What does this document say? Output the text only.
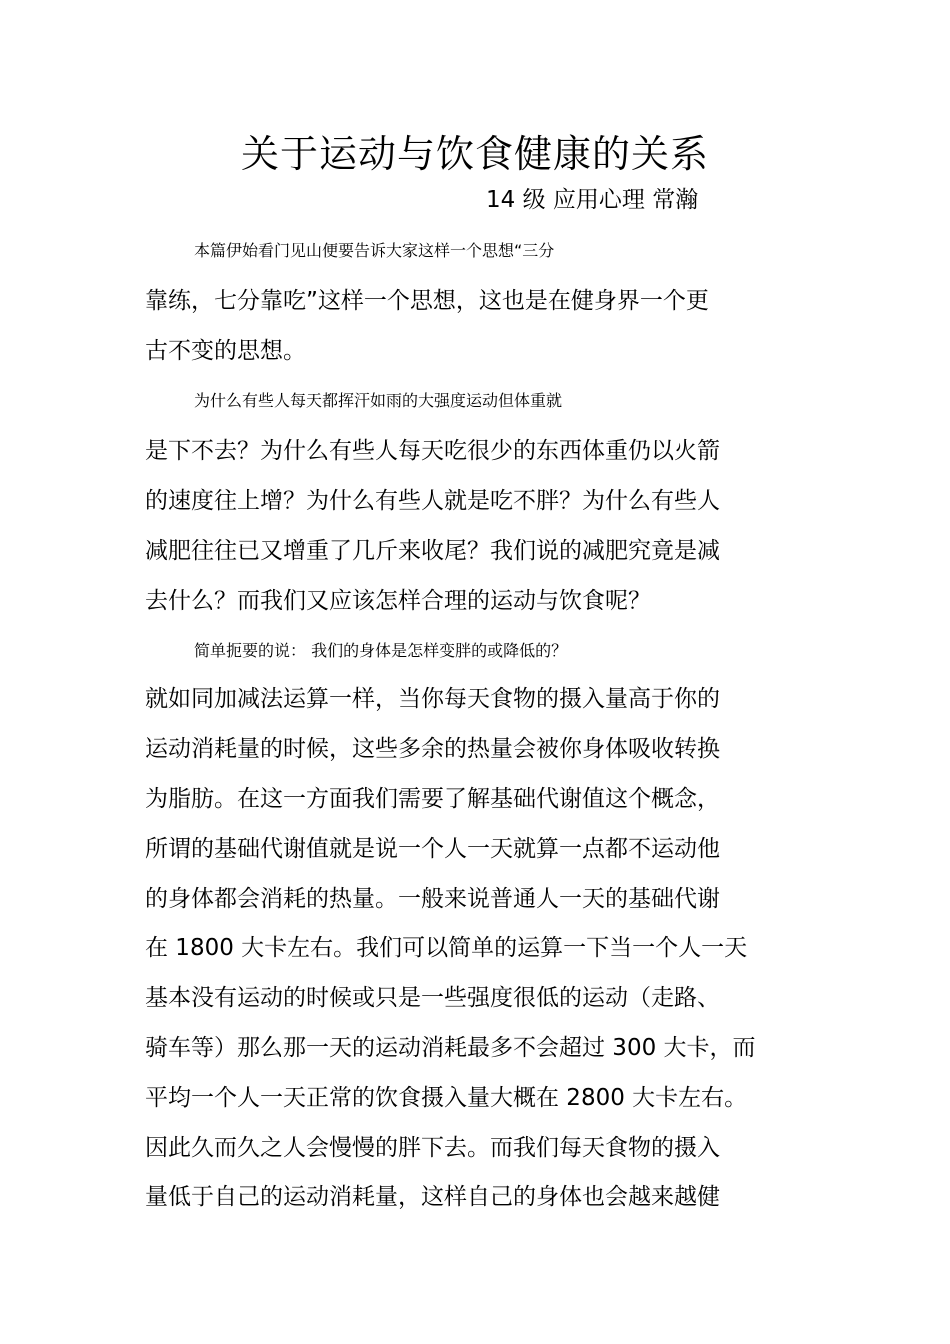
关于运动与饮食健康的关系
14 级 应用心理 常瀚
本篇伊始看门见山便要告诉大家这样一个思想“三分
靠练，七分靠吃”这样一个思想，这也是在健身界一个更
古不变的思想。
为什么有些人每天都挥汗如雨的大强度运动但体重就
是下不去？为什么有些人每天吃很少的东西体重仍以火箭
的速度往上增？为什么有些人就是吃不胖？为什么有些人
减肥往往已又增重了几斤来收尾？我们说的减肥究竟是减
去什么？而我们又应该怎样合理的运动与饮食呢？
简单扼要的说： 我们的身体是怎样变胖的或降低的？
就如同加减法运算一样，当你每天食物的摄入量高于你的
运动消耗量的时候，这些多余的热量会被你身体吸收转换
为脂肪。在这一方面我们需要了解基础代谢值这个概念，
所谓的基础代谢值就是说一个人一天就算一点都不运动他
的身体都会消耗的热量。一般来说普通人一天的基础代谢
在 1800 大卡左右。我们可以简单的运算一下当一个人一天
基本没有运动的时候或只是一些强度很低的运动（走路、
骑车等）那么那一天的运动消耗最多不会超过 300 大卡，而
平均一个人一天正常的饮食摄入量大概在 2800 大卡左右。
因此久而久之人会慢慢的胖下去。而我们每天食物的摄入
量低于自己的运动消耗量，这样自己的身体也会越来越健
